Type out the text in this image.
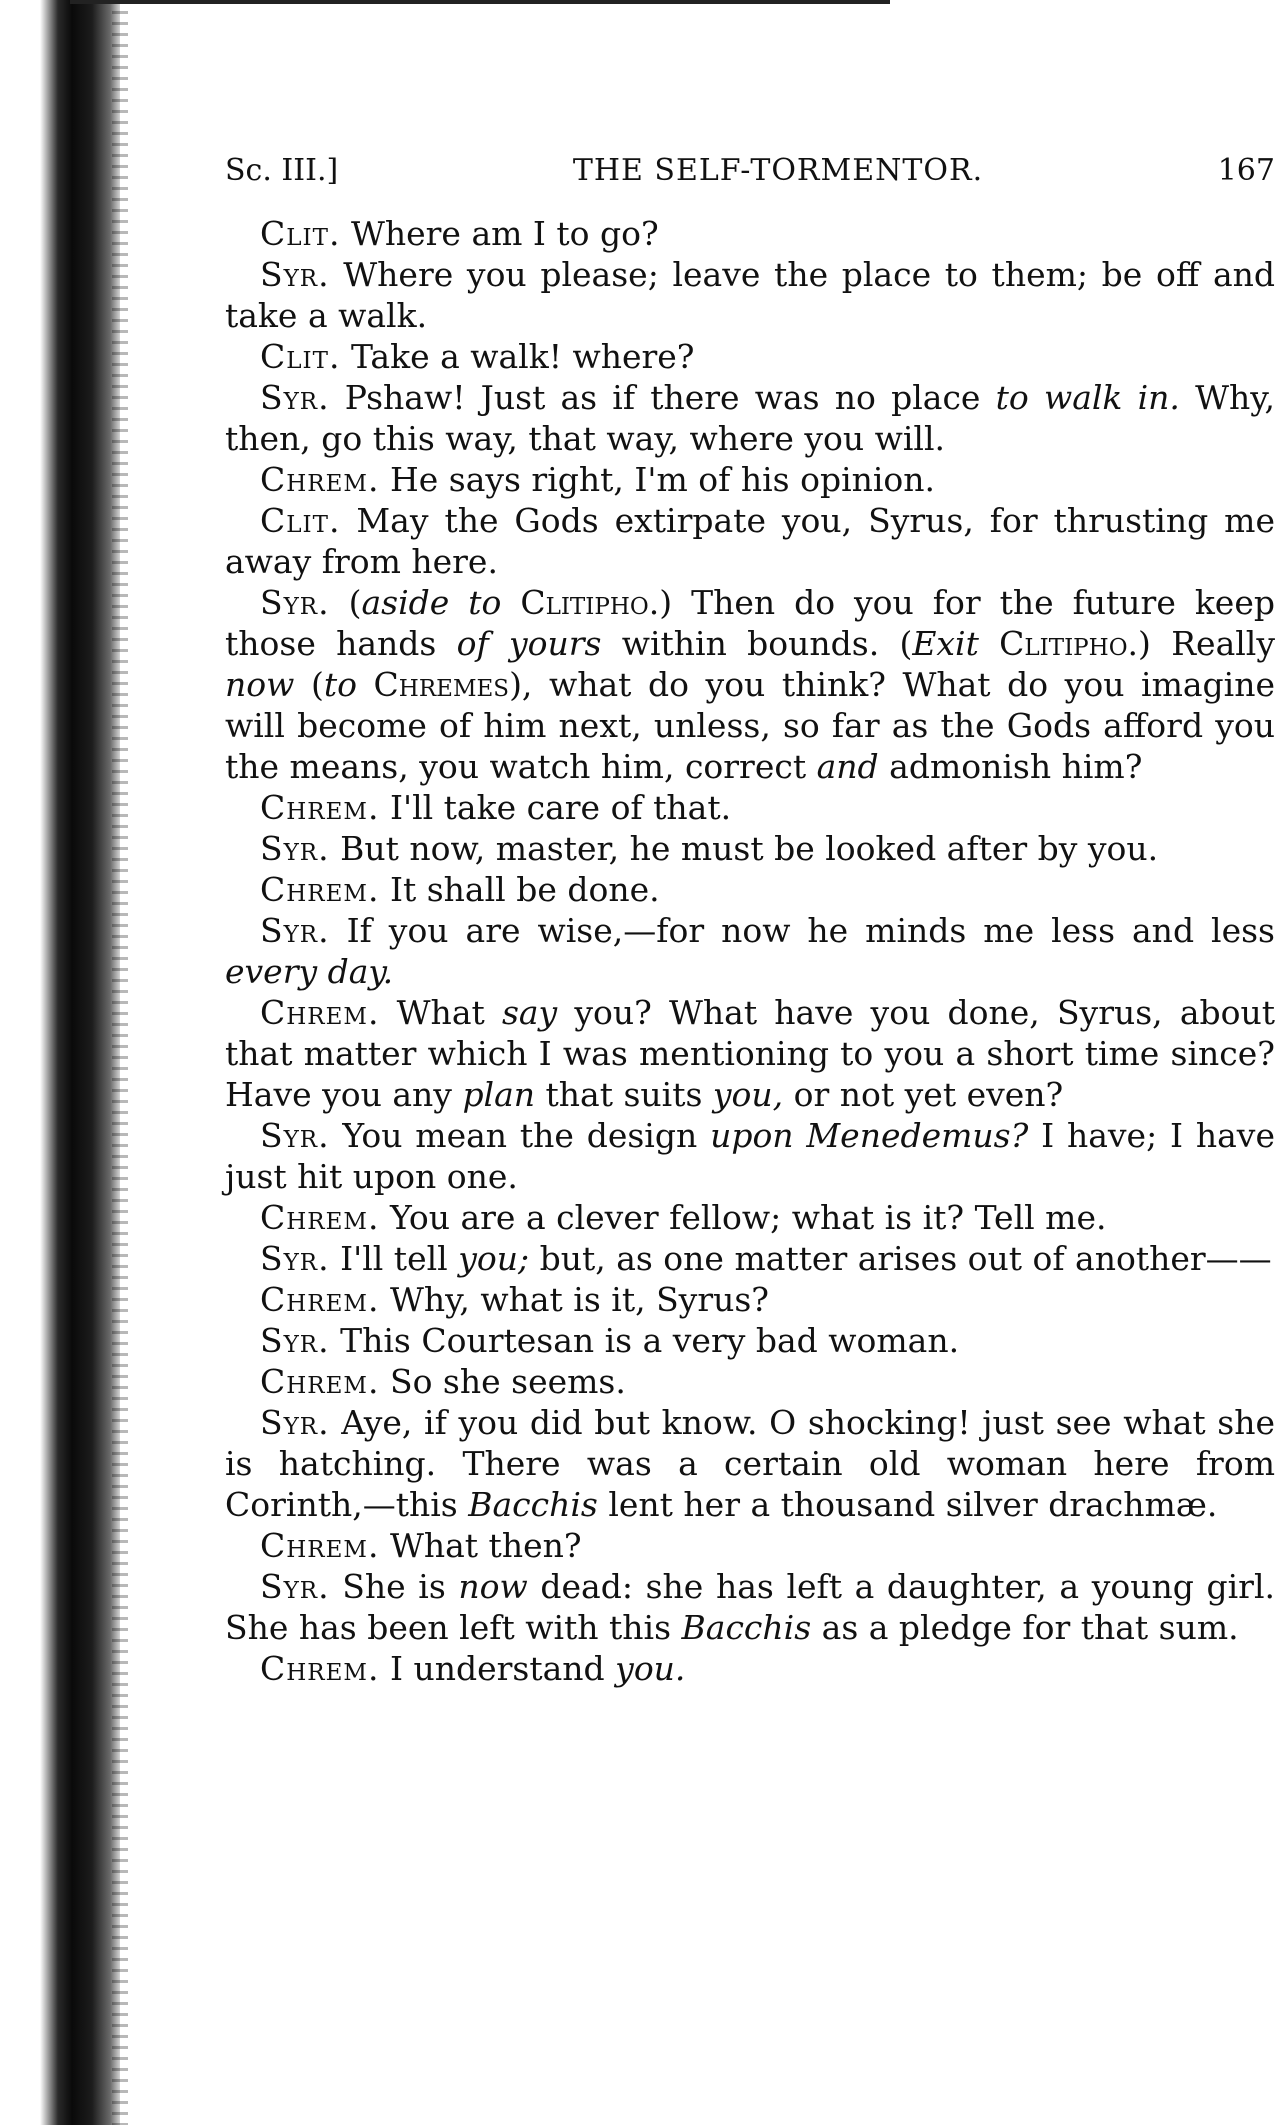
Sc. III.]	THE SELF-TORMENTOR.	167

Clit. Where am I to go?

Syr. Where you please; leave the place to them; be off and take a walk.

Clit. Take a walk! where?

Syr. Pshaw! Just as if there was no place to walk in. Why, then, go this way, that way, where you will.

Chrem. He says right, I'm of his opinion.

Clit. May the Gods extirpate you, Syrus, for thrusting me away from here.

Syr. (aside to Clitipho.) Then do you for the future keep those hands of yours within bounds. (Exit Clitipho.) Really now (to Chremes), what do you think? What do you imagine will become of him next, unless, so far as the Gods afford you the means, you watch him, correct and admonish him?

Chrem. I'll take care of that.

Syr. But now, master, he must be looked after by you.

Chrem. It shall be done.

Syr. If you are wise,—for now he minds me less and less every day.

Chrem. What say you? What have you done, Syrus, about that matter which I was mentioning to you a short time since? Have you any plan that suits you, or not yet even?

Syr. You mean the design upon Menedemus? I have; I have just hit upon one.

Chrem. You are a clever fellow; what is it? Tell me.

Syr. I'll tell you; but, as one matter arises out of another——

Chrem. Why, what is it, Syrus?

Syr. This Courtesan is a very bad woman.

Chrem. So she seems.

Syr. Aye, if you did but know. O shocking! just see what she is hatching. There was a certain old woman here from Corinth,—this Bacchis lent her a thousand silver drachmæ.

Chrem. What then?

Syr. She is now dead: she has left a daughter, a young girl. She has been left with this Bacchis as a pledge for that sum.

Chrem. I understand you.
